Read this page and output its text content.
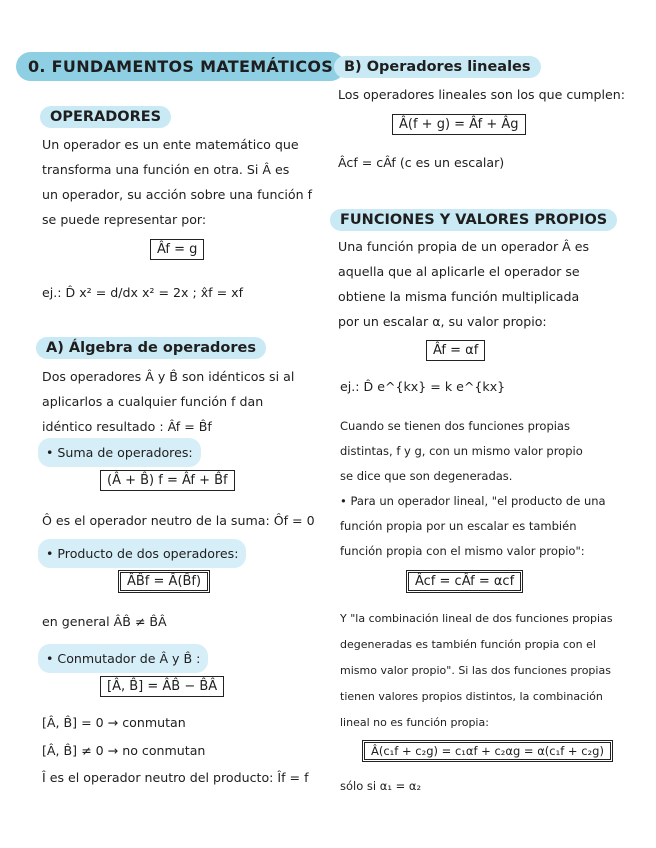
0. FUNDAMENTOS MATEMÁTICOS
OPERADORES
Un operador es un ente matemático que
transforma una función en otra. Si Â es
un operador, su acción sobre una función f
se puede representar por:
Âf = g
ej.: D̂ x² = d/dx x² = 2x ; x̂f = xf
A) Álgebra de operadores
Dos operadores Â y B̂ son idénticos si al
aplicarlos a cualquier función f dan
idéntico resultado : Âf = B̂f
• Suma de operadores:
(Â + B̂) f = Âf + B̂f
Ô es el operador neutro de la suma: Ôf = 0
• Producto de dos operadores:
ÂB̂f = Â(B̂f)
en general ÂB̂ ≠ B̂Â
• Conmutador de Â y B̂ :
[Â, B̂] = ÂB̂ − B̂Â
[Â, B̂] = 0 → conmutan
[Â, B̂] ≠ 0 → no conmutan
Î es el operador neutro del producto: Îf = f
B) Operadores lineales
Los operadores lineales son los que cumplen:
Â(f + g) = Âf + Âg
Âcf = cÂf (c es un escalar)
FUNCIONES Y VALORES PROPIOS
Una función propia de un operador Â es
aquella que al aplicarle el operador se
obtiene la misma función multiplicada
por un escalar α, su valor propio:
Âf = αf
ej.: D̂ e^{kx} = k e^{kx}
Cuando se tienen dos funciones propias
distintas, f y g, con un mismo valor propio
se dice que son degeneradas.
• Para un operador lineal, "el producto de una
función propia por un escalar es también
función propia con el mismo valor propio":
Âcf = cÂf = αcf
Y "la combinación lineal de dos funciones propias
degeneradas es también función propia con el
mismo valor propio". Si las dos funciones propias
tienen valores propios distintos, la combinación
lineal no es función propia:
Â(c₁f + c₂g) = c₁αf + c₂αg = α(c₁f + c₂g)
sólo si α₁ = α₂
